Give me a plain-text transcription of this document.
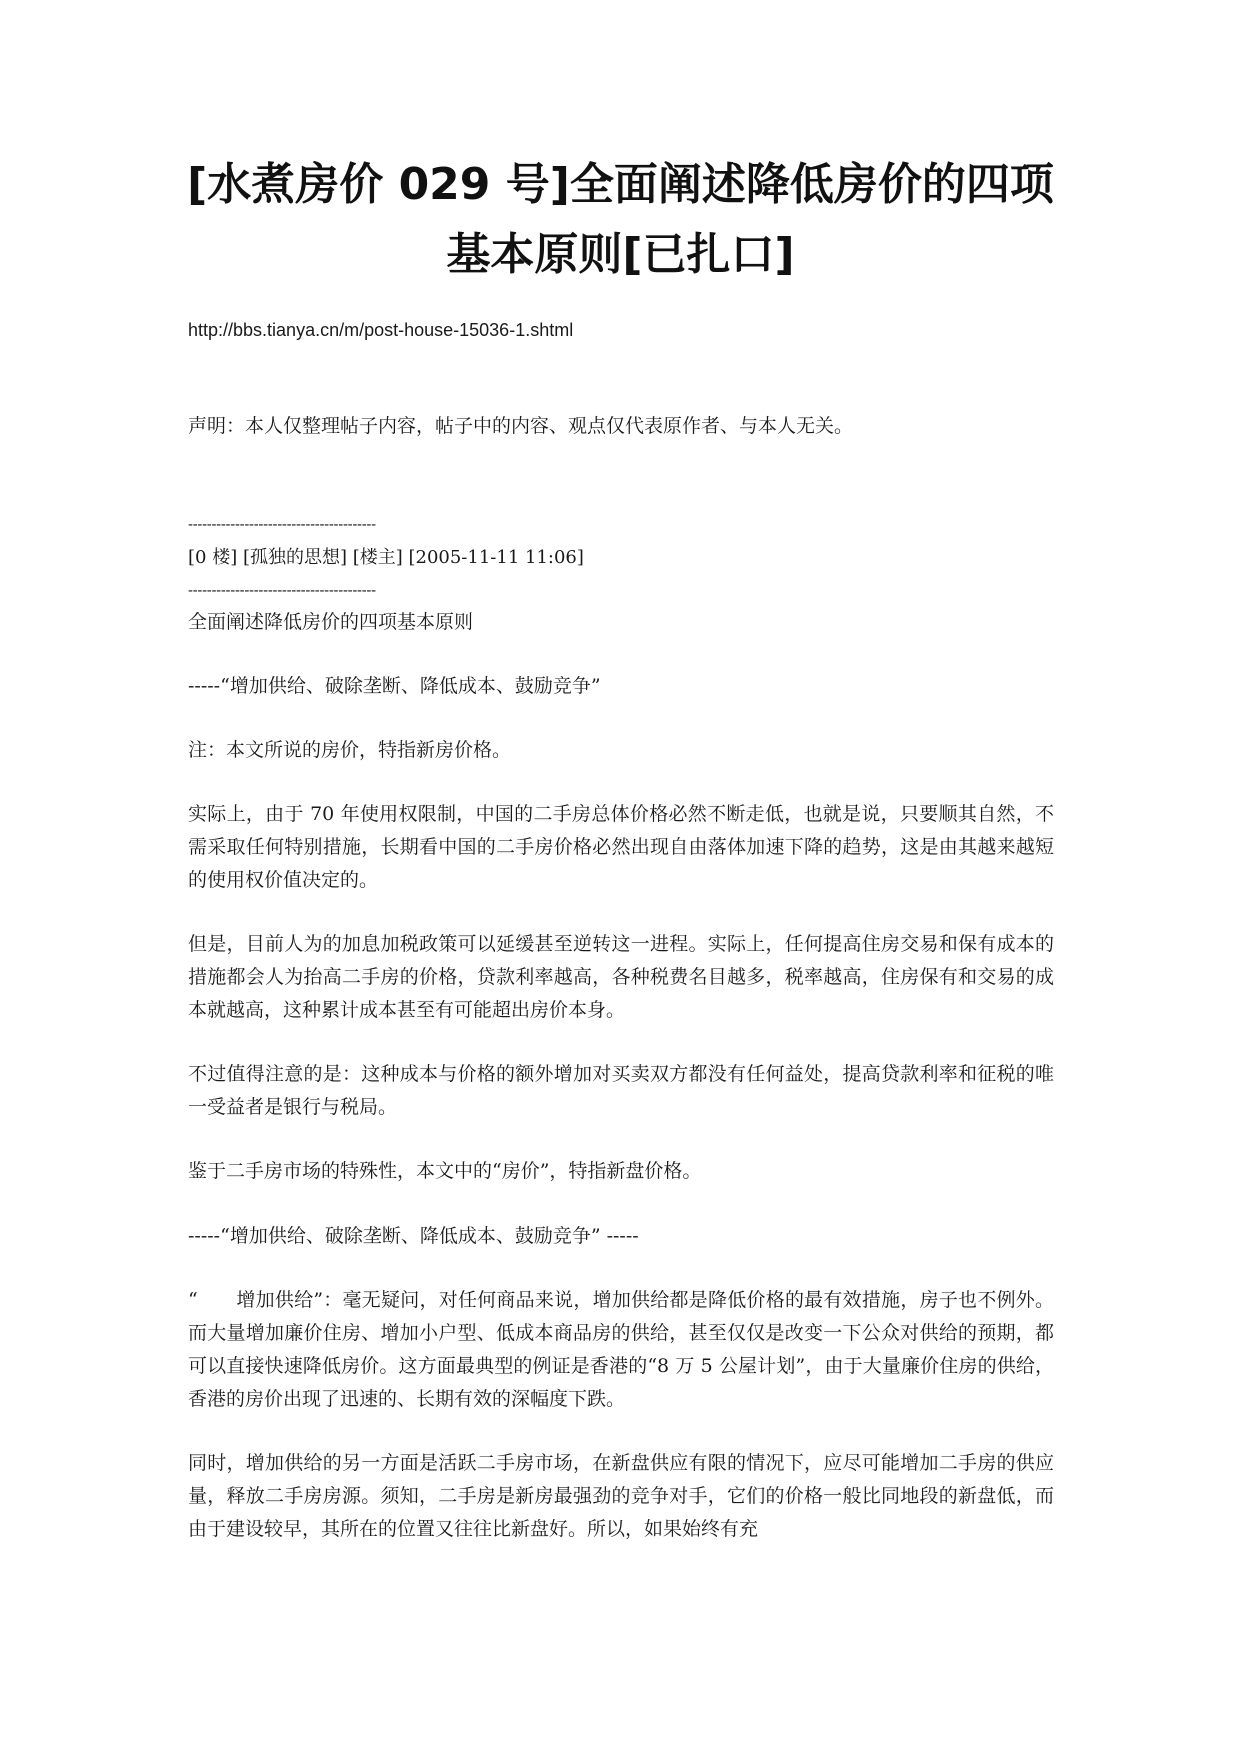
[水煮房价 029 号]全面阐述降低房价的四项
基本原则[已扎口]

http://bbs.tianya.cn/m/post-house-15036-1.shtml

声明：本人仅整理帖子内容，帖子中的内容、观点仅代表原作者、与本人无关。

----------------------------------------

[0 楼] [孤独的思想] [楼主] [2005-11-11 11:06]

----------------------------------------

全面阐述降低房价的四项基本原则

-----“增加供给、破除垄断、降低成本、鼓励竞争”

注：本文所说的房价，特指新房价格。

实际上，由于 70 年使用权限制，中国的二手房总体价格必然不断走低，也就是说，只要顺其自然，不需采取任何特别措施，长期看中国的二手房价格必然出现自由落体加速下降的趋势，这是由其越来越短的使用权价值决定的。

但是，目前人为的加息加税政策可以延缓甚至逆转这一进程。实际上，任何提高住房交易和保有成本的措施都会人为抬高二手房的价格，贷款利率越高，各种税费名目越多，税率越高，住房保有和交易的成本就越高，这种累计成本甚至有可能超出房价本身。

不过值得注意的是：这种成本与价格的额外增加对买卖双方都没有任何益处，提高贷款利率和征税的唯一受益者是银行与税局。

鉴于二手房市场的特殊性，本文中的“房价”，特指新盘价格。

-----“增加供给、破除垄断、降低成本、鼓励竞争” -----

“　　增加供给”：毫无疑问，对任何商品来说，增加供给都是降低价格的最有效措施，房子也不例外。而大量增加廉价住房、增加小户型、低成本商品房的供给，甚至仅仅是改变一下公众对供给的预期，都可以直接快速降低房价。这方面最典型的例证是香港的“8 万 5 公屋计划”，由于大量廉价住房的供给，香港的房价出现了迅速的、长期有效的深幅度下跌。

同时，增加供给的另一方面是活跃二手房市场，在新盘供应有限的情况下，应尽可能增加二手房的供应量，释放二手房房源。须知，二手房是新房最强劲的竞争对手，它们的价格一般比同地段的新盘低，而由于建设较早，其所在的位置又往往比新盘好。所以，如果始终有充
